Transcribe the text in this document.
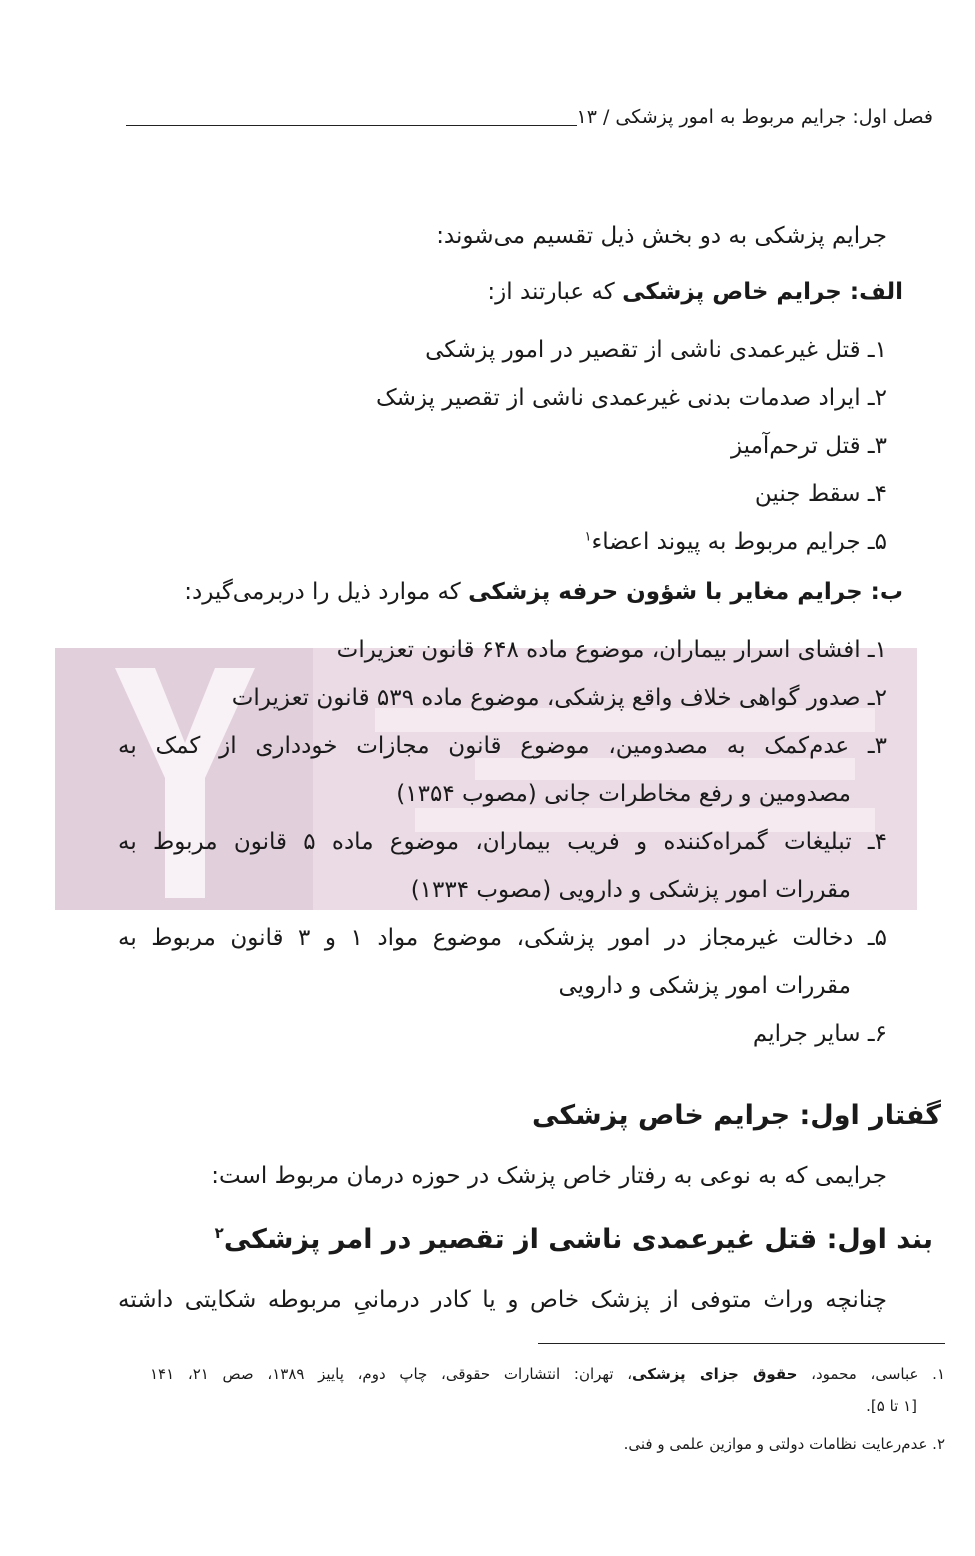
فصل اول: جرایم مربوط به امور پزشکی / ۱۳
جرایم پزشکی به دو بخش ذیل تقسیم می‌شوند:
الف: جرایم خاص پزشکی که عبارتند از:
۱ـ قتل غیرعمدی ناشی از تقصیر در امور پزشکی
۲ـ ایراد صدمات بدنی غیرعمدی ناشی از تقصیر پزشک
۳ـ قتل ترحم‌آمیز
۴ـ سقط جنین
۵ـ جرایم مربوط به پیوند اعضاء$^۱$
ب: جرایم مغایر با شؤون حرفه پزشکی که موارد ذیل را دربرمی‌گیرد:
۱ـ افشای اسرار بیماران، موضوع ماده ۶۴۸ قانون تعزیرات
۲ـ صدور گواهی خلاف واقع پزشکی، موضوع ماده ۵۳۹ قانون تعزیرات
۳ـ عدم‌کمک به مصدومین، موضوع قانون مجازات خودداری از کمک به
مصدومین و رفع مخاطرات جانی (مصوب ۱۳۵۴)
۴ـ تبلیغات گمراه‌کننده و فریب بیماران، موضوع ماده ۵ قانون مربوط به
مقررات امور پزشکی و دارویی (مصوب ۱۳۳۴)
۵ـ دخالت غیرمجاز در امور پزشکی، موضوع مواد ۱ و ۳ قانون مربوط به
مقررات امور پزشکی و دارویی
۶ـ سایر جرایم
گفتار اول: جرایم خاص پزشکی
جرایمی که به نوعی به رفتار خاص پزشک در حوزه درمان مربوط است:
بند اول: قتل غیرعمدی ناشی از تقصیر در امر پزشکی$^۲$
چنانچه وراث متوفی از پزشک خاص و یا کادر درمانیِ مربوطه شکایتی داشته
۱. عباسی، محمود، حقوق جزای پزشکی، تهران: انتشارات حقوقی، چاپ دوم، پاییز ۱۳۸۹، صص ۲۱، ۱۴۱
[۱ تا ۵].
۲. عدم‌رعایت نظامات دولتی و موازین علمی و فنی.
